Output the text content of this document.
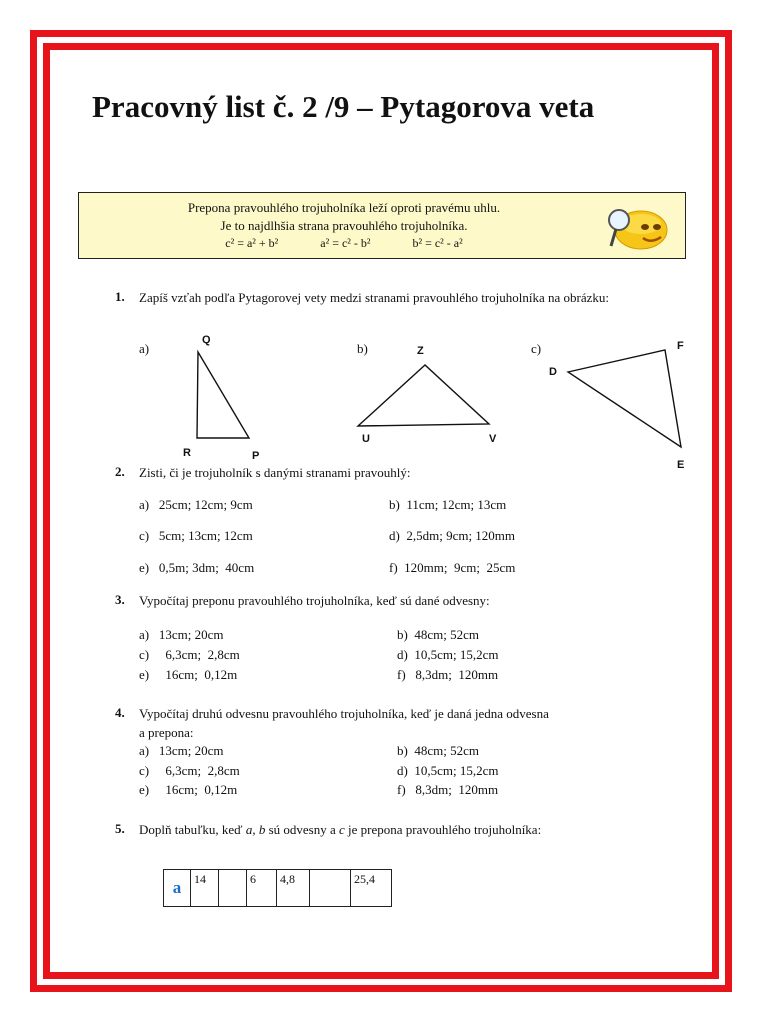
Pracovný list č. 2 /9 – Pytagorova veta
Prepona pravouhlého trojuholníka leží oproti pravému uhlu.
Je to najdlhšia strana pravouhlého trojuholníka.
c² = a² + b²	a² = c² - b²	b² = c² - a²
1. Zapíš vzťah podľa Pytagorovej vety medzi stranami pravouhlého trojuholníka na obrázku:
a)	b)	c)
Q
R	P
Z
U	V
F
D
E
2. Zisti, či je trojuholník s danými stranami pravouhlý:
a) 25cm; 12cm; 9cm	b) 11cm; 12cm; 13cm
c) 5cm; 13cm; 12cm	d) 2,5dm; 9cm; 120mm
e) 0,5m; 3dm;  40cm	f) 120mm;  9cm;  25cm
3. Vypočítaj preponu pravouhlého trojuholníka, keď sú dané odvesny:
a) 13cm; 20cm	b) 48cm; 52cm
c) 6,3cm;  2,8cm	d) 10,5cm; 15,2cm
e) 16cm;  0,12m	f) 8,3dm;  120mm
4. Vypočítaj druhú odvesnu pravouhlého trojuholníka, keď je daná jedna odvesna
a prepona:
a) 13cm; 20cm	b) 48cm; 52cm
c) 6,3cm;  2,8cm	d) 10,5cm; 15,2cm
e) 16cm;  0,12m	f) 8,3dm;  120mm
5. Doplň tabuľku, keď a, b sú odvesny a c je prepona pravouhlého trojuholníka:
a	14		6	4,8		25,4
